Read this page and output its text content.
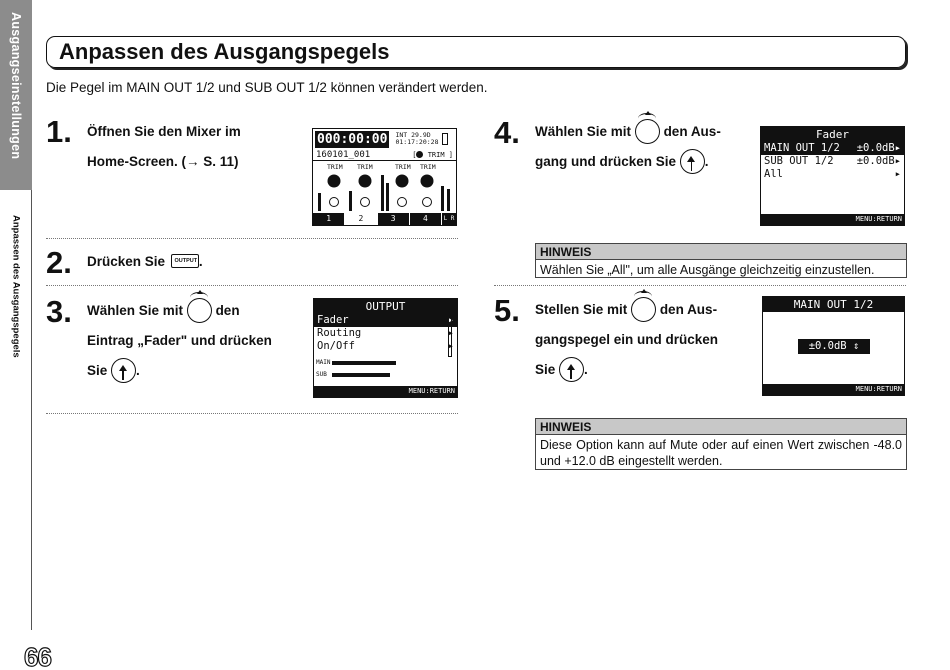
Ausgangseinstellungen
Anpassen des Ausgangspegels
66
Anpassen des Ausgangspegels
Die Pegel im MAIN OUT 1/2 und SUB OUT 1/2 können verändert werden.
1. Öffnen Sie den Mixer im
Home-Screen. (→ S. 11)
000:00:00	INT 29.9D
01:17:20:28
160101_001	[ TRIM ]
TRIM TRIM	TRIM TRIM
1	2	3	4	L R
2. Drücken Sie	OUTPUT .
3. Wählen Sie mit den
Eintrag „Fader" und drücken
Sie .
OUTPUT
Fader	▸
Routing	▸
On/Off	▸
MAIN
SUB
MENU:RETURN
4. Wählen Sie mit den Aus-
gang und drücken Sie .
Fader
MAIN OUT 1/2 ±0.0dB▸
SUB OUT 1/2 ±0.0dB▸
All	▸
MENU:RETURN
HINWEIS
Wählen Sie „All", um alle Ausgänge gleichzeitig einzustellen.
5. Stellen Sie mit den Aus-
gangspegel ein und drücken
Sie .
MAIN OUT 1/2
±0.0dB ⇕
MENU:RETURN
HINWEIS
Diese Option kann auf Mute oder auf einen Wert zwischen -48.0 und +12.0 dB eingestellt werden.
